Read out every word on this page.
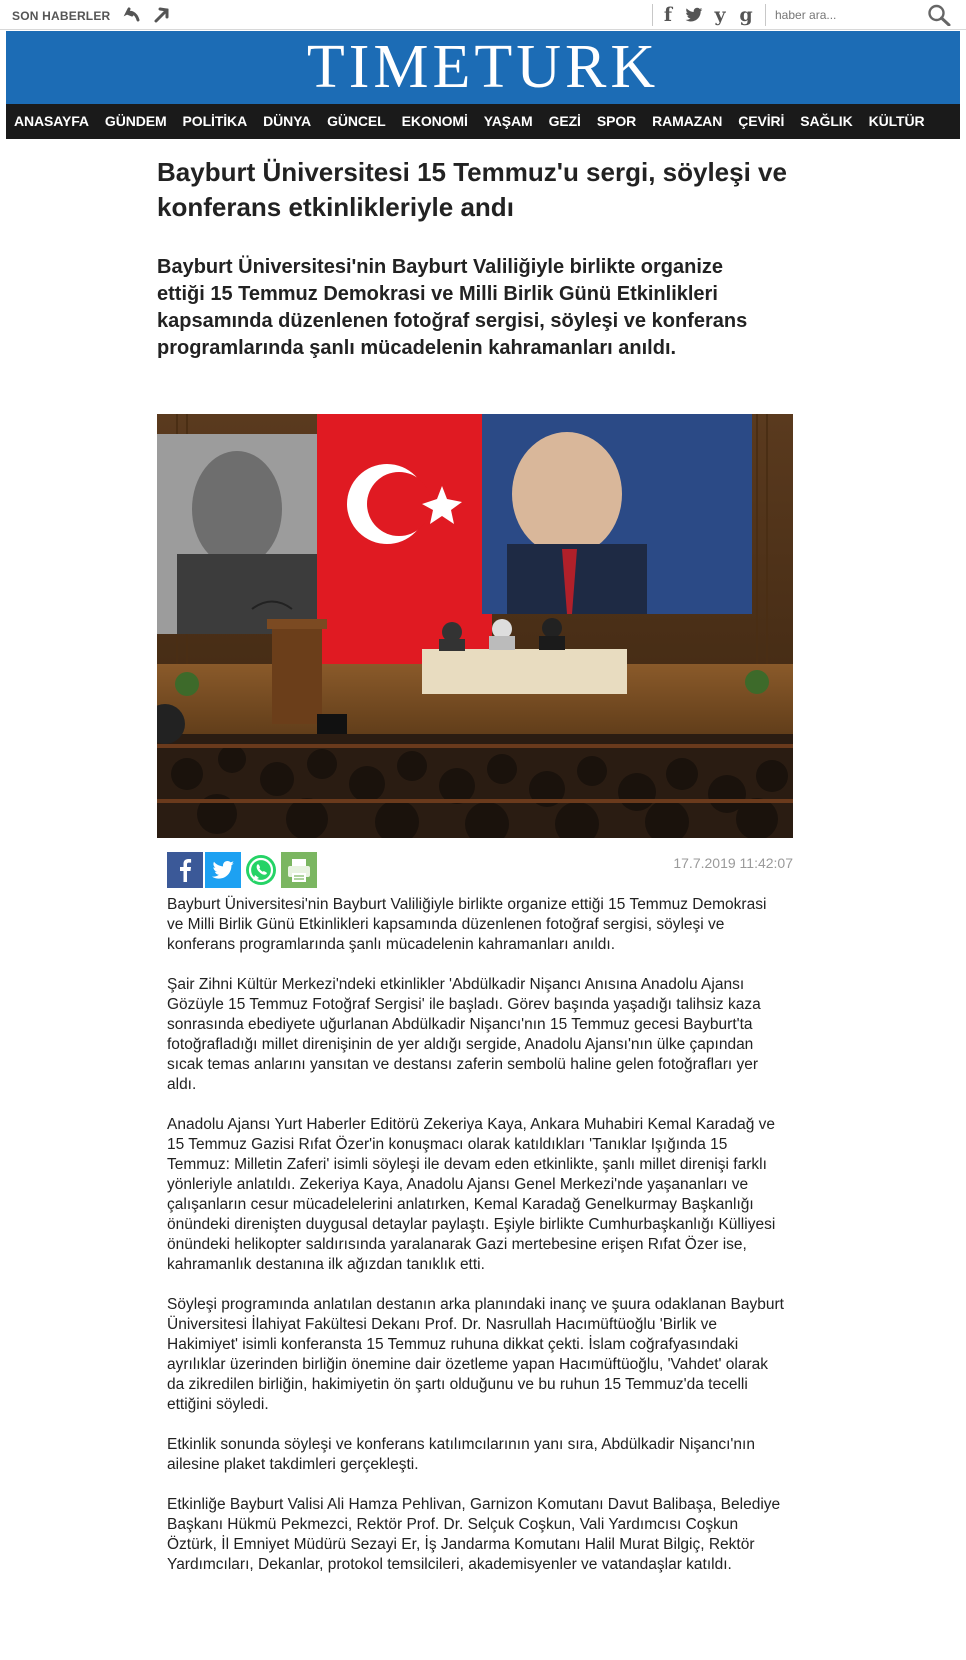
SON HABERLER	f	y g
haber ara...
TIMETURK
ANASAYFA	GÜNDEM	POLİTİKA	DÜNYA	GÜNCEL	EKONOMİ	YAŞAM	GEZİ	SPOR	RAMAZAN	ÇEVİRİ	SAĞLIK	KÜLTÜR
Bayburt Üniversitesi 15 Temmuz'u sergi, söyleşi ve konferans etkinlikleriyle andı
Bayburt Üniversitesi'nin Bayburt Valiliğiyle birlikte organize ettiği 15 Temmuz Demokrasi ve Milli Birlik Günü Etkinlikleri kapsamında düzenlenen fotoğraf sergisi, söyleşi ve konferans programlarında şanlı mücadelenin kahramanları anıldı.
17.7.2019 11:42:07

Bayburt Üniversitesi'nin Bayburt Valiliğiyle birlikte organize ettiği 15 Temmuz Demokrasi ve Milli Birlik Günü Etkinlikleri kapsamında düzenlenen fotoğraf sergisi, söyleşi ve konferans programlarında şanlı mücadelenin kahramanları anıldı.

Şair Zihni Kültür Merkezi'ndeki etkinlikler 'Abdülkadir Nişancı Anısına Anadolu Ajansı Gözüyle 15 Temmuz Fotoğraf Sergisi' ile başladı. Görev başında yaşadığı talihsiz kaza sonrasında ebediyete uğurlanan Abdülkadir Nişancı'nın 15 Temmuz gecesi Bayburt'ta fotoğrafladığı millet direnişinin de yer aldığı sergide, Anadolu Ajansı'nın ülke çapından sıcak temas anlarını yansıtan ve destansı zaferin sembolü haline gelen fotoğrafları yer aldı.

Anadolu Ajansı Yurt Haberler Editörü Zekeriya Kaya, Ankara Muhabiri Kemal Karadağ ve 15 Temmuz Gazisi Rıfat Özer'in konuşmacı olarak katıldıkları 'Tanıklar Işığında 15 Temmuz: Milletin Zaferi' isimli söyleşi ile devam eden etkinlikte, şanlı millet direnişi farklı yönleriyle anlatıldı. Zekeriya Kaya, Anadolu Ajansı Genel Merkezi'nde yaşananları ve çalışanların cesur mücadelelerini anlatırken, Kemal Karadağ Genelkurmay Başkanlığı önündeki direnişten duygusal detaylar paylaştı. Eşiyle birlikte Cumhurbaşkanlığı Külliyesi önündeki helikopter saldırısında yaralanarak Gazi mertebesine erişen Rıfat Özer ise, kahramanlık destanına ilk ağızdan tanıklık etti.

Söyleşi programında anlatılan destanın arka planındaki inanç ve şuura odaklanan Bayburt Üniversitesi İlahiyat Fakültesi Dekanı Prof. Dr. Nasrullah Hacımüftüoğlu 'Birlik ve Hakimiyet' isimli konferansta 15 Temmuz ruhuna dikkat çekti. İslam coğrafyasındaki ayrılıklar üzerinden birliğin önemine dair özetleme yapan Hacımüftüoğlu, 'Vahdet' olarak da zikredilen birliğin, hakimiyetin ön şartı olduğunu ve bu ruhun 15 Temmuz'da tecelli ettiğini söyledi.

Etkinlik sonunda söyleşi ve konferans katılımcılarının yanı sıra, Abdülkadir Nişancı'nın ailesine plaket takdimleri gerçekleşti.

Etkinliğe Bayburt Valisi Ali Hamza Pehlivan, Garnizon Komutanı Davut Balibaşa, Belediye Başkanı Hükmü Pekmezci, Rektör Prof. Dr. Selçuk Coşkun, Vali Yardımcısı Coşkun Öztürk, İl Emniyet Müdürü Sezayi Er, İş Jandarma Komutanı Halil Murat Bilgiç, Rektör Yardımcıları, Dekanlar, protokol temsilcileri, akademisyenler ve vatandaşlar katıldı.
